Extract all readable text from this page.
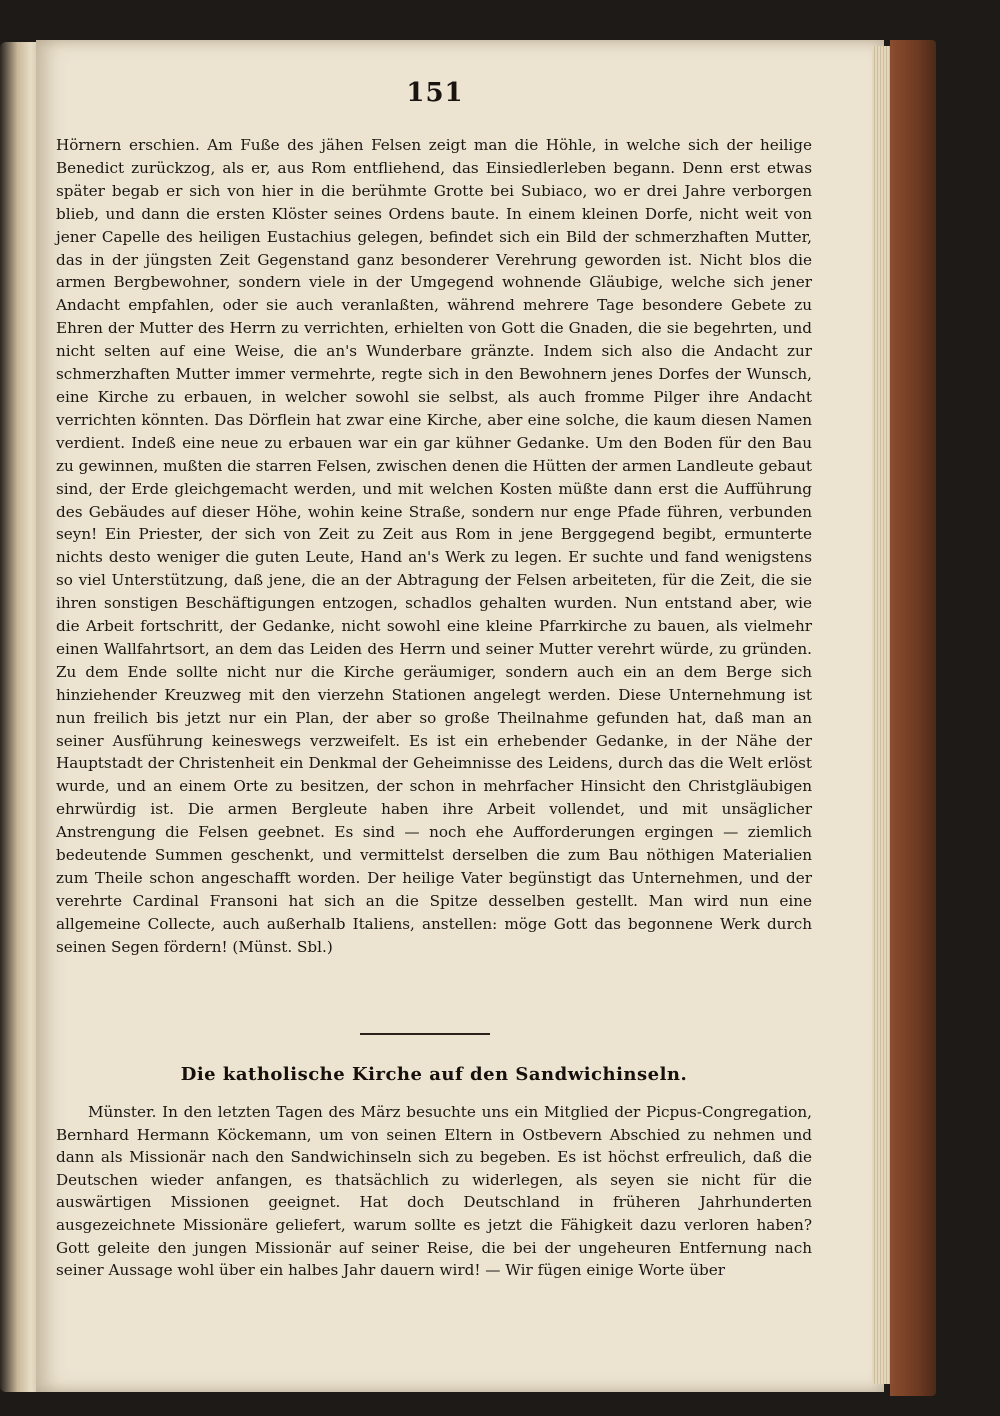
151

Hörnern erschien. Am Fuße des jähen Felsen zeigt man die Höhle, in welche sich der heilige Benedict zurückzog, als er, aus Rom entfliehend, das Einsiedlerleben begann. Denn erst etwas später begab er sich von hier in die berühmte Grotte bei Subiaco, wo er drei Jahre verborgen blieb, und dann die ersten Klöster seines Ordens baute. In einem kleinen Dorfe, nicht weit von jener Capelle des heiligen Eustachius gelegen, befindet sich ein Bild der schmerzhaften Mutter, das in der jüngsten Zeit Gegenstand ganz besonderer Verehrung geworden ist. Nicht blos die armen Bergbewohner, sondern viele in der Umgegend wohnende Gläubige, welche sich jener Andacht empfahlen, oder sie auch veranlaßten, während mehrere Tage besondere Gebete zu Ehren der Mutter des Herrn zu verrichten, erhielten von Gott die Gnaden, die sie begehrten, und nicht selten auf eine Weise, die an's Wunderbare gränzte. Indem sich also die Andacht zur schmerzhaften Mutter immer vermehrte, regte sich in den Bewohnern jenes Dorfes der Wunsch, eine Kirche zu erbauen, in welcher sowohl sie selbst, als auch fromme Pilger ihre Andacht verrichten könnten. Das Dörflein hat zwar eine Kirche, aber eine solche, die kaum diesen Namen verdient. Indeß eine neue zu erbauen war ein gar kühner Gedanke. Um den Boden für den Bau zu gewinnen, mußten die starren Felsen, zwischen denen die Hütten der armen Landleute gebaut sind, der Erde gleichgemacht werden, und mit welchen Kosten müßte dann erst die Aufführung des Gebäudes auf dieser Höhe, wohin keine Straße, sondern nur enge Pfade führen, verbunden seyn! Ein Priester, der sich von Zeit zu Zeit aus Rom in jene Berggegend begibt, ermunterte nichts desto weniger die guten Leute, Hand an's Werk zu legen. Er suchte und fand wenigstens so viel Unterstützung, daß jene, die an der Abtragung der Felsen arbeiteten, für die Zeit, die sie ihren sonstigen Beschäftigungen entzogen, schadlos gehalten wurden. Nun entstand aber, wie die Arbeit fortschritt, der Gedanke, nicht sowohl eine kleine Pfarrkirche zu bauen, als vielmehr einen Wallfahrtsort, an dem das Leiden des Herrn und seiner Mutter verehrt würde, zu gründen. Zu dem Ende sollte nicht nur die Kirche geräumiger, sondern auch ein an dem Berge sich hinziehender Kreuzweg mit den vierzehn Stationen angelegt werden. Diese Unternehmung ist nun freilich bis jetzt nur ein Plan, der aber so große Theilnahme gefunden hat, daß man an seiner Ausführung keineswegs verzweifelt. Es ist ein erhebender Gedanke, in der Nähe der Hauptstadt der Christenheit ein Denkmal der Geheimnisse des Leidens, durch das die Welt erlöst wurde, und an einem Orte zu besitzen, der schon in mehrfacher Hinsicht den Christgläubigen ehrwürdig ist. Die armen Bergleute haben ihre Arbeit vollendet, und mit unsäglicher Anstrengung die Felsen geebnet. Es sind — noch ehe Aufforderungen ergingen — ziemlich bedeutende Summen geschenkt, und vermittelst derselben die zum Bau nöthigen Materialien zum Theile schon angeschafft worden. Der heilige Vater begünstigt das Unternehmen, und der verehrte Cardinal Fransoni hat sich an die Spitze desselben gestellt. Man wird nun eine allgemeine Collecte, auch außerhalb Italiens, anstellen: möge Gott das begonnene Werk durch seinen Segen fördern! (Münst. Sbl.)

Die katholische Kirche auf den Sandwichinseln.

Münster. In den letzten Tagen des März besuchte uns ein Mitglied der Picpus-Congregation, Bernhard Hermann Köckemann, um von seinen Eltern in Ostbevern Abschied zu nehmen und dann als Missionär nach den Sandwichinseln sich zu begeben. Es ist höchst erfreulich, daß die Deutschen wieder anfangen, es thatsächlich zu widerlegen, als seyen sie nicht für die auswärtigen Missionen geeignet. Hat doch Deutschland in früheren Jahrhunderten ausgezeichnete Missionäre geliefert, warum sollte es jetzt die Fähigkeit dazu verloren haben? Gott geleite den jungen Missionär auf seiner Reise, die bei der ungeheuren Entfernung nach seiner Aussage wohl über ein halbes Jahr dauern wird! — Wir fügen einige Worte über
